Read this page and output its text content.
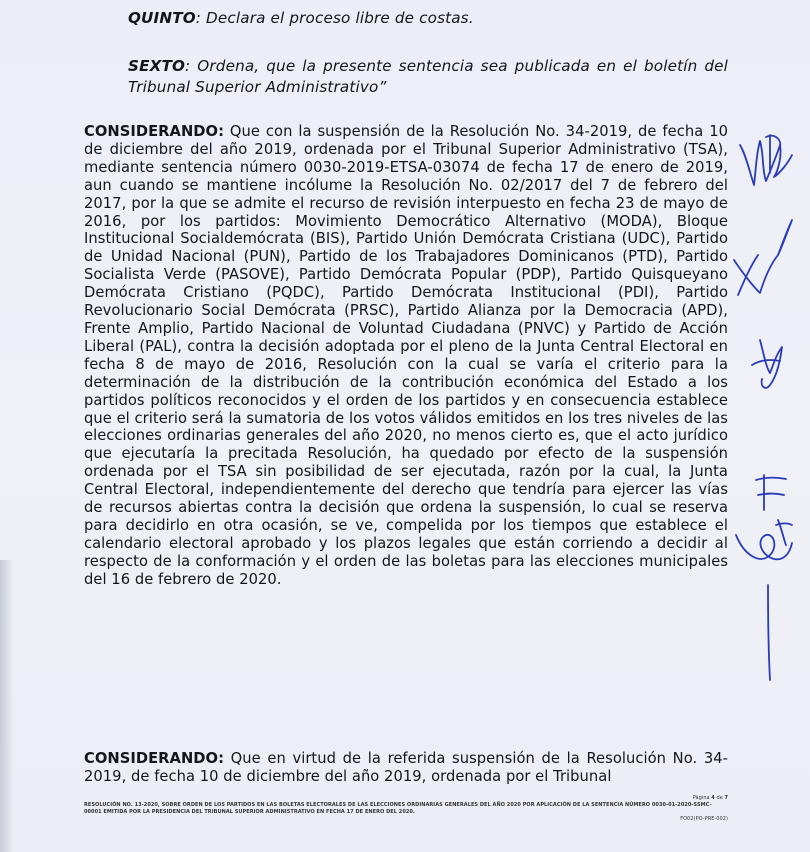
QUINTO: Declara el proceso libre de costas.

SEXTO: Ordena, que la presente sentencia sea publicada en el boletín del Tribunal Superior Administrativo”

CONSIDERANDO: Que con la suspensión de la Resolución No. 34-2019, de fecha 10 de diciembre del año 2019, ordenada por el Tribunal Superior Administrativo (TSA), mediante sentencia número 0030-2019-ETSA-03074 de fecha 17 de enero de 2019, aun cuando se mantiene incólume la Resolución No. 02/2017 del 7 de febrero del 2017, por la que se admite el recurso de revisión interpuesto en fecha 23 de mayo de 2016, por los partidos: Movimiento Democrático Alternativo (MODA), Bloque Institucional Socialdemócrata (BIS), Partido Unión Demócrata Cristiana (UDC), Partido de Unidad Nacional (PUN), Partido de los Trabajadores Dominicanos (PTD), Partido Socialista Verde (PASOVE), Partido Demócrata Popular (PDP), Partido Quisqueyano Demócrata Cristiano (PQDC), Partido Demócrata Institucional (PDI), Partido Revolucionario Social Demócrata (PRSC), Partido Alianza por la Democracia (APD), Frente Amplio, Partido Nacional de Voluntad Ciudadana (PNVC) y Partido de Acción Liberal (PAL), contra la decisión adoptada por el pleno de la Junta Central Electoral en fecha 8 de mayo de 2016, Resolución con la cual se varía el criterio para la determinación de la distribución de la contribución económica del Estado a los partidos políticos reconocidos y el orden de los partidos y en consecuencia establece que el criterio será la sumatoria de los votos válidos emitidos en los tres niveles de las elecciones ordinarias generales del año 2020, no menos cierto es, que el acto jurídico que ejecutaría la precitada Resolución, ha quedado por efecto de la suspensión ordenada por el TSA sin posibilidad de ser ejecutada, razón por la cual, la Junta Central Electoral, independientemente del derecho que tendría para ejercer las vías de recursos abiertas contra la decisión que ordena la suspensión, lo cual se reserva para decidirlo en otra ocasión, se ve, compelida por los tiempos que establece el calendario electoral aprobado y los plazos legales que están corriendo a decidir al respecto de la conformación y el orden de las boletas para las elecciones municipales del 16 de febrero de 2020.
CONSIDERANDO: Que en virtud de la referida suspensión de la Resolución No. 34-2019, de fecha 10 de diciembre del año 2019, ordenada por el Tribunal
Página 4 de 7
RESOLUCIÓN NO. 13-2020, SOBRE ORDEN DE LOS PARTIDOS EN LAS BOLETAS ELECTORALES DE LAS ELECCIONES ORDINARIAS GENERALES DEL AÑO 2020 POR APLICACIÓN DE LA SENTENCIA NÚMERO 0030-01-2020-SSMC-00001 EMITIDA POR LA PRESIDENCIA DEL TRIBUNAL SUPERIOR ADMINISTRATIVO EN FECHA 17 DE ENERO DEL 2020.
FO02(PO-PRE-002)
